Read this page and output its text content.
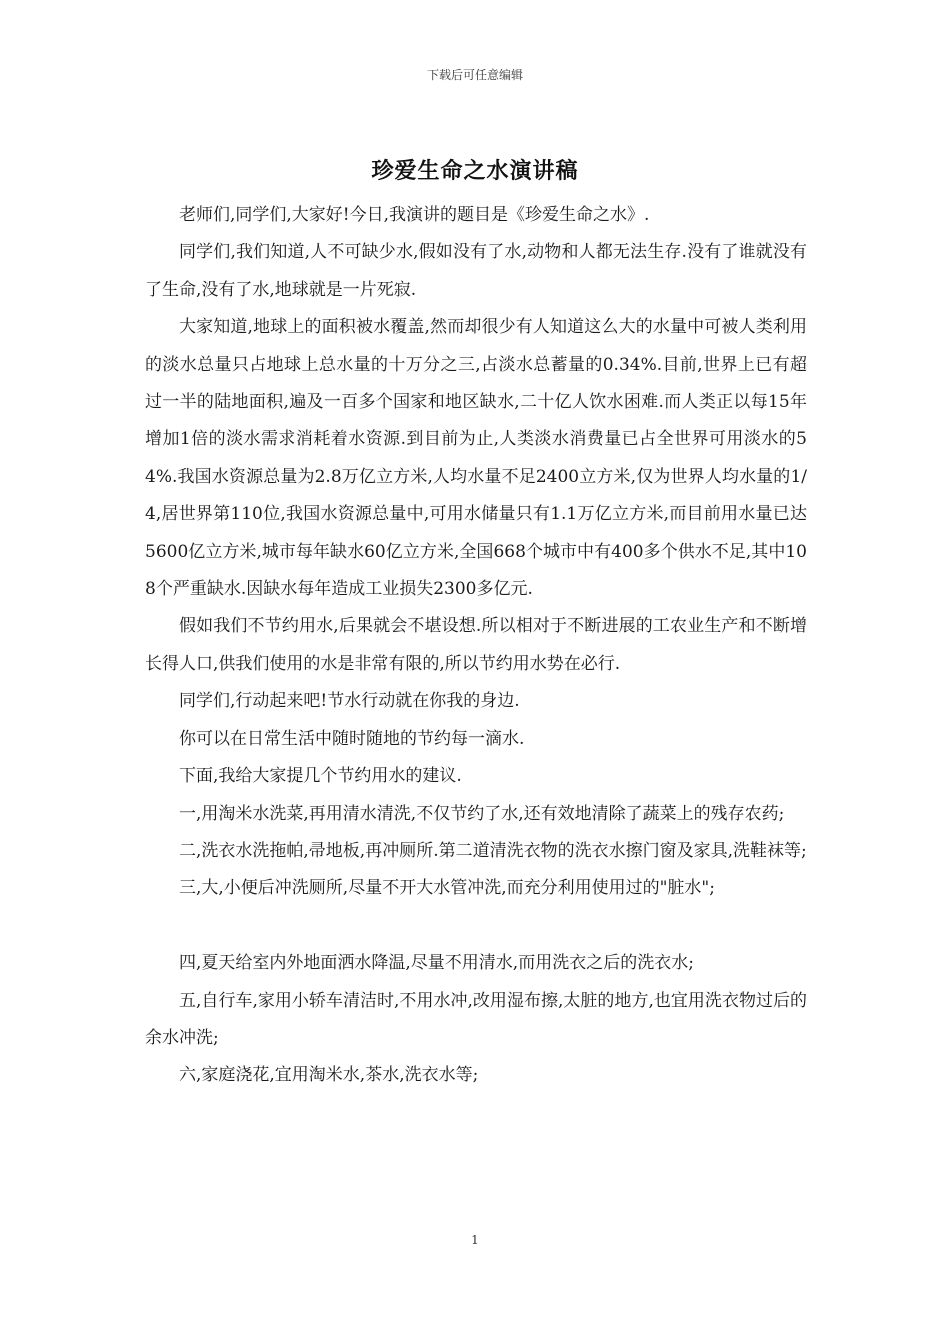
下载后可任意编辑
珍爱生命之水演讲稿

老师们,同学们,大家好!今日,我演讲的题目是《珍爱生命之水》.

同学们,我们知道,人不可缺少水,假如没有了水,动物和人都无法生存.没有了谁就没有了生命,没有了水,地球就是一片死寂.

大家知道,地球上的面积被水覆盖,然而却很少有人知道这么大的水量中可被人类利用的淡水总量只占地球上总水量的十万分之三,占淡水总蓄量的0.34%.目前,世界上已有超过一半的陆地面积,遍及一百多个国家和地区缺水,二十亿人饮水困难.而人类正以每15年增加1倍的淡水需求消耗着水资源.到目前为止,人类淡水消费量已占全世界可用淡水的54%.我国水资源总量为2.8万亿立方米,人均水量不足2400立方米,仅为世界人均水量的1/4,居世界第110位,我国水资源总量中,可用水储量只有1.1万亿立方米,而目前用水量已达5600亿立方米,城市每年缺水60亿立方米,全国668个城市中有400多个供水不足,其中108个严重缺水.因缺水每年造成工业损失2300多亿元.

假如我们不节约用水,后果就会不堪设想.所以相对于不断进展的工农业生产和不断增长得人口,供我们使用的水是非常有限的,所以节约用水势在必行.

同学们,行动起来吧!节水行动就在你我的身边.

你可以在日常生活中随时随地的节约每一滴水.

下面,我给大家提几个节约用水的建议.

一,用淘米水洗菜,再用清水清洗,不仅节约了水,还有效地清除了蔬菜上的残存农药;

二,洗衣水洗拖帕,帚地板,再冲厕所.第二道清洗衣物的洗衣水擦门窗及家具,洗鞋袜等;

三,大,小便后冲洗厕所,尽量不开大水管冲洗,而充分利用使用过的"脏水";

四,夏天给室内外地面洒水降温,尽量不用清水,而用洗衣之后的洗衣水;

五,自行车,家用小轿车清洁时,不用水冲,改用湿布擦,太脏的地方,也宜用洗衣物过后的余水冲洗;

六,家庭浇花,宜用淘米水,茶水,洗衣水等;

1
